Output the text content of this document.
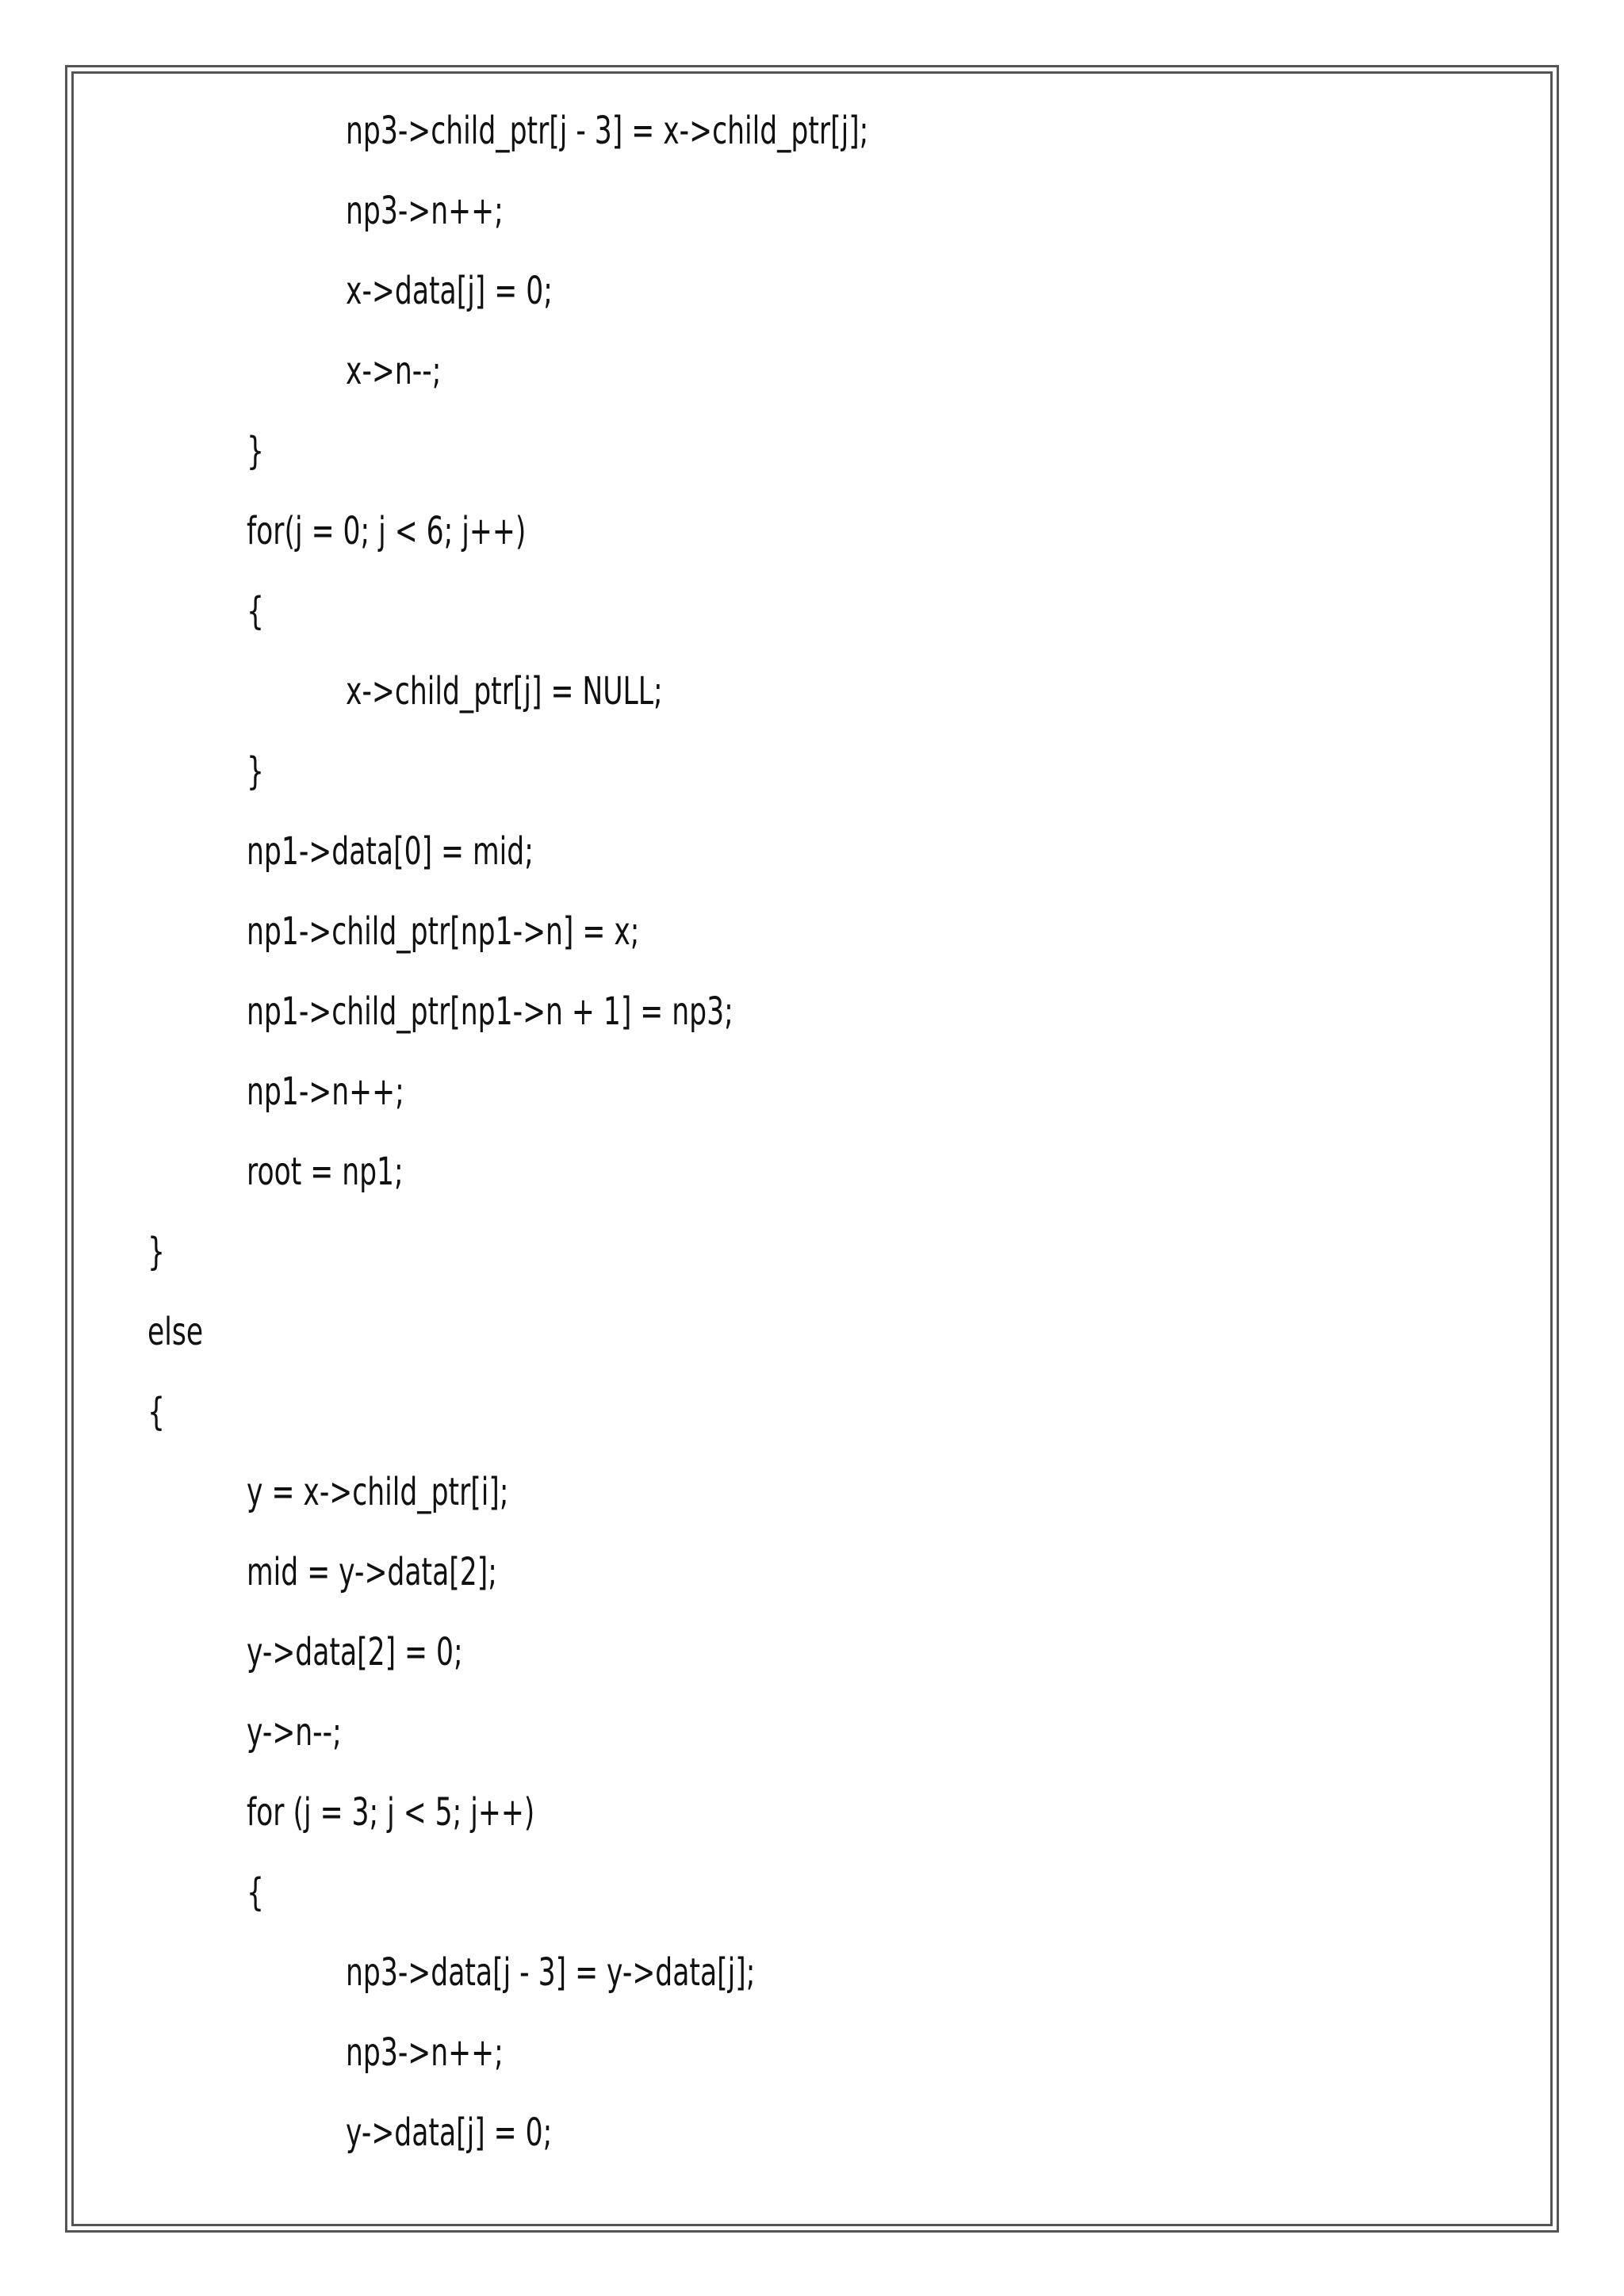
np3->child_ptr[j - 3] = x->child_ptr[j];
np3->n++;
x->data[j] = 0;
x->n--;
}
for(j = 0; j < 6; j++)
{
x->child_ptr[j] = NULL;
}
np1->data[0] = mid;
np1->child_ptr[np1->n] = x;
np1->child_ptr[np1->n + 1] = np3;
np1->n++;
root = np1;
}
else
{
y = x->child_ptr[i];
mid = y->data[2];
y->data[2] = 0;
y->n--;
for (j = 3; j < 5; j++)
{
np3->data[j - 3] = y->data[j];
np3->n++;
y->data[j] = 0;
